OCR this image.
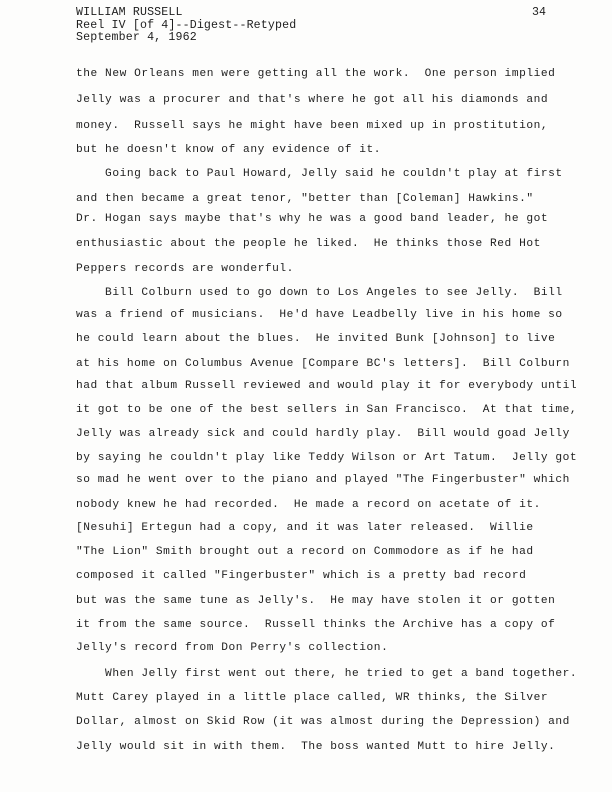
WILLIAM RUSSELL
Reel IV [of 4]--Digest--Retyped
September 4, 1962
34
the New Orleans men were getting all the work.  One person implied
Jelly was a procurer and that's where he got all his diamonds and
money.  Russell says he might have been mixed up in prostitution,
but he doesn't know of any evidence of it.
Going back to Paul Howard, Jelly said he couldn't play at first
and then became a great tenor, "better than [Coleman] Hawkins."
Dr. Hogan says maybe that's why he was a good band leader, he got
enthusiastic about the people he liked.  He thinks those Red Hot
Peppers records are wonderful.
Bill Colburn used to go down to Los Angeles to see Jelly.  Bill
was a friend of musicians.  He'd have Leadbelly live in his home so
he could learn about the blues.  He invited Bunk [Johnson] to live
at his home on Columbus Avenue [Compare BC's letters].  Bill Colburn
had that album Russell reviewed and would play it for everybody until
it got to be one of the best sellers in San Francisco.  At that time,
Jelly was already sick and could hardly play.  Bill would goad Jelly
by saying he couldn't play like Teddy Wilson or Art Tatum.  Jelly got
so mad he went over to the piano and played "The Fingerbuster" which
nobody knew he had recorded.  He made a record on acetate of it.
[Nesuhi] Ertegun had a copy, and it was later released.  Willie
"The Lion" Smith brought out a record on Commodore as if he had
composed it called "Fingerbuster" which is a pretty bad record
but was the same tune as Jelly's.  He may have stolen it or gotten
it from the same source.  Russell thinks the Archive has a copy of
Jelly's record from Don Perry's collection.
When Jelly first went out there, he tried to get a band together.
Mutt Carey played in a little place called, WR thinks, the Silver
Dollar, almost on Skid Row (it was almost during the Depression) and
Jelly would sit in with them.  The boss wanted Mutt to hire Jelly.
